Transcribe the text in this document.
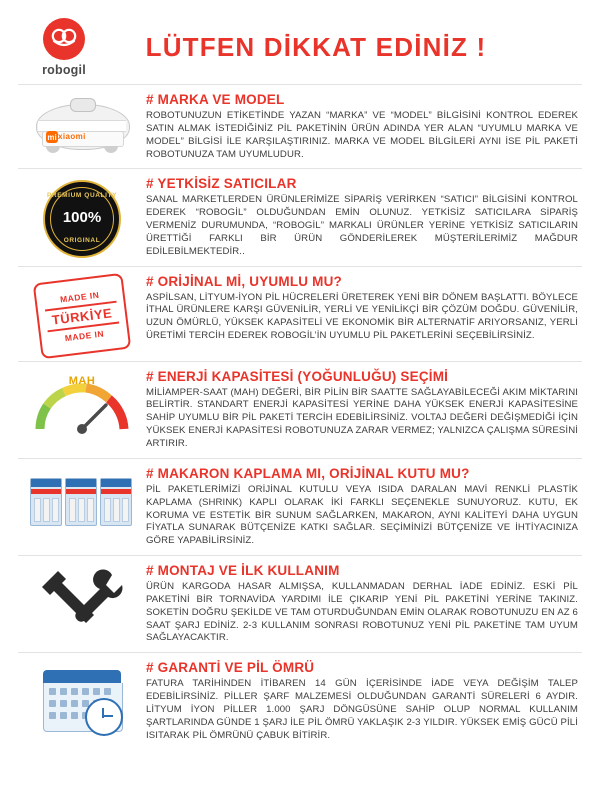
robogil
LÜTFEN DİKKAT EDİNİZ !
mi xiaomi

# MARKA VE MODEL

ROBOTUNUZUN ETİKETİNDE YAZAN “MARKA” VE “MODEL” BİLGİSİNİ KONTROL EDEREK SATIN ALMAK İSTEDİĞİNİZ PİL PAKETİNİN ÜRÜN ADINDA YER ALAN “UYUMLU MARKA VE MODEL” BİLGİSİ İLE KARŞILAŞTIRINIZ. MARKA VE MODEL BİLGİLERİ AYNI İSE PİL PAKETİ ROBOTUNUZA TAM UYUMLUDUR.

PREMIUM QUALITY
100%
ORIGINAL

# YETKİSİZ SATICILAR

SANAL MARKETLERDEN ÜRÜNLERİMİZE SİPARİŞ VERİRKEN “SATICI” BİLGİSİNİ KONTROL EDEREK “ROBOGİL” OLDUĞUNDAN EMİN OLUNUZ. YETKİSİZ SATICILARA SİPARİŞ VERMENİZ DURUMUNDA, “ROBOGİL” MARKALI ÜRÜNLER YERİNE YETKİSİZ SATICILARIN ÜRETTİĞİ FARKLI BİR ÜRÜN GÖNDERİLEREK MÜŞTERİLERİMİZ MAĞDUR EDİLEBİLMEKTEDİR..

MADE IN
TÜRKİYE
MADE IN

# ORİJİNAL Mİ, UYUMLU MU?

ASPİLSAN, LİTYUM-İYON PİL HÜCRELERİ ÜRETEREK YENİ BİR DÖNEM BAŞLATTI. BÖYLECE İTHAL ÜRÜNLERE KARŞI GÜVENİLİR, YERLİ VE YENİLİKÇİ BİR ÇÖZÜM DOĞDU. GÜVENİLİR, UZUN ÖMÜRLÜ, YÜKSEK KAPASİTELİ VE EKONOMİK BİR ALTERNATİF ARIYORSANIZ, YERLİ ÜRETİMİ TERCİH EDEREK ROBOGİL’İN UYUMLU PİL PAKETLERİNİ SEÇEBİLİRSİNİZ.

MAH	# ENERJİ KAPASİTESİ (YOĞUNLUĞU) SEÇİMİ

MİLİAMPER-SAAT (MAH) DEĞERİ, BİR PİLİN BİR SAATTE SAĞLAYABİLECEĞİ AKIM MİKTARINI BELİRTİR. STANDART ENERJİ KAPASİTESİ YERİNE DAHA YÜKSEK ENERJİ KAPASİTESİNE SAHİP UYUMLU BİR PİL PAKETİ TERCİH EDEBİLİRSİNİZ. VOLTAJ DEĞERİ DEĞİŞMEDİĞİ İÇİN YÜKSEK ENERJİ KAPASİTESİ ROBOTUNUZA ZARAR VERMEZ; YALNIZCA ÇALIŞMA SÜRESİNİ ARTIRIR.

# MAKARON KAPLAMA MI, ORİJİNAL KUTU MU?

PİL PAKETLERİMİZİ ORİJİNAL KUTULU VEYA ISIDA DARALAN MAVİ RENKLİ PLASTİK KAPLAMA (SHRINK) KAPLI OLARAK İKİ FARKLI SEÇENEKLE SUNUYORUZ. KUTU, EK KORUMA VE ESTETİK BİR SUNUM SAĞLARKEN, MAKARON, AYNI KALİTEYİ DAHA UYGUN FİYATLA SUNARAK BÜTÇENİZE KATKI SAĞLAR. SEÇİMİNİZİ BÜTÇENİZE VE İHTİYACINIZA GÖRE YAPABİLİRSİNİZ.

# MONTAJ VE İLK KULLANIM

ÜRÜN KARGODA HASAR ALMIŞSA, KULLANMADAN DERHAL İADE EDİNİZ. ESKİ PİL PAKETİNİ BİR TORNAVİDA YARDIMI İLE ÇIKARIP YENİ PİL PAKETİNİ YERİNE TAKINIZ. SOKETİN DOĞRU ŞEKİLDE VE TAM OTURDUĞUNDAN EMİN OLARAK ROBOTUNUZU EN AZ 6 SAAT ŞARJ EDİNİZ. 2-3 KULLANIM SONRASI ROBOTUNUZ YENİ PİL PAKETİNE TAM UYUM SAĞLAYACAKTIR.

# GARANTİ VE PİL ÖMRÜ

FATURA TARİHİNDEN İTİBAREN 14 GÜN İÇERİSİNDE İADE VEYA DEĞİŞİM TALEP EDEBİLİRSİNİZ. PİLLER ŞARF MALZEMESİ OLDUĞUNDAN GARANTİ SÜRELERİ 6 AYDIR. LİTYUM İYON PİLLER 1.000 ŞARJ DÖNGÜSÜNE SAHİP OLUP NORMAL KULLANIM ŞARTLARINDA GÜNDE 1 ŞARJ İLE PİL ÖMRÜ YAKLAŞIK 2-3 YILDIR. YÜKSEK EMİŞ GÜCÜ PİLİ ISITARAK PİL ÖMRÜNÜ ÇABUK BİTİRİR.
